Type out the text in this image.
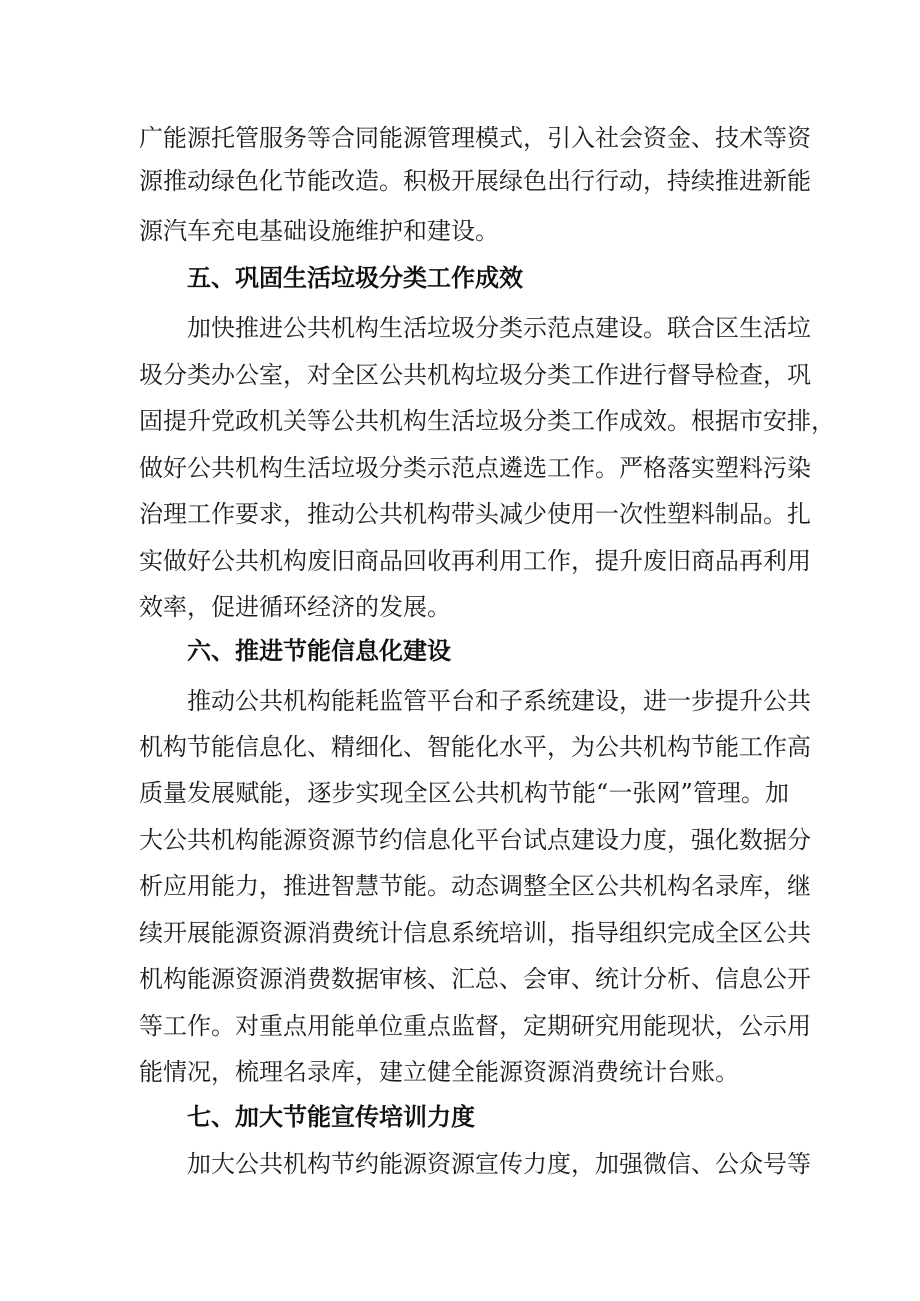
广能源托管服务等合同能源管理模式，引入社会资金、技术等资
源推动绿色化节能改造。积极开展绿色出行行动，持续推进新能
源汽车充电基础设施维护和建设。
五、巩固生活垃圾分类工作成效
加快推进公共机构生活垃圾分类示范点建设。联合区生活垃
圾分类办公室，对全区公共机构垃圾分类工作进行督导检查，巩
固提升党政机关等公共机构生活垃圾分类工作成效。根据市安排，
做好公共机构生活垃圾分类示范点遴选工作。严格落实塑料污染
治理工作要求，推动公共机构带头减少使用一次性塑料制品。扎
实做好公共机构废旧商品回收再利用工作，提升废旧商品再利用
效率，促进循环经济的发展。
六、推进节能信息化建设
推动公共机构能耗监管平台和子系统建设，进一步提升公共
机构节能信息化、精细化、智能化水平，为公共机构节能工作高
质量发展赋能，逐步实现全区公共机构节能“一张网”管理。加
大公共机构能源资源节约信息化平台试点建设力度，强化数据分
析应用能力，推进智慧节能。动态调整全区公共机构名录库，继
续开展能源资源消费统计信息系统培训，指导组织完成全区公共
机构能源资源消费数据审核、汇总、会审、统计分析、信息公开
等工作。对重点用能单位重点监督，定期研究用能现状，公示用
能情况，梳理名录库，建立健全能源资源消费统计台账。
七、加大节能宣传培训力度
加大公共机构节约能源资源宣传力度，加强微信、公众号等
